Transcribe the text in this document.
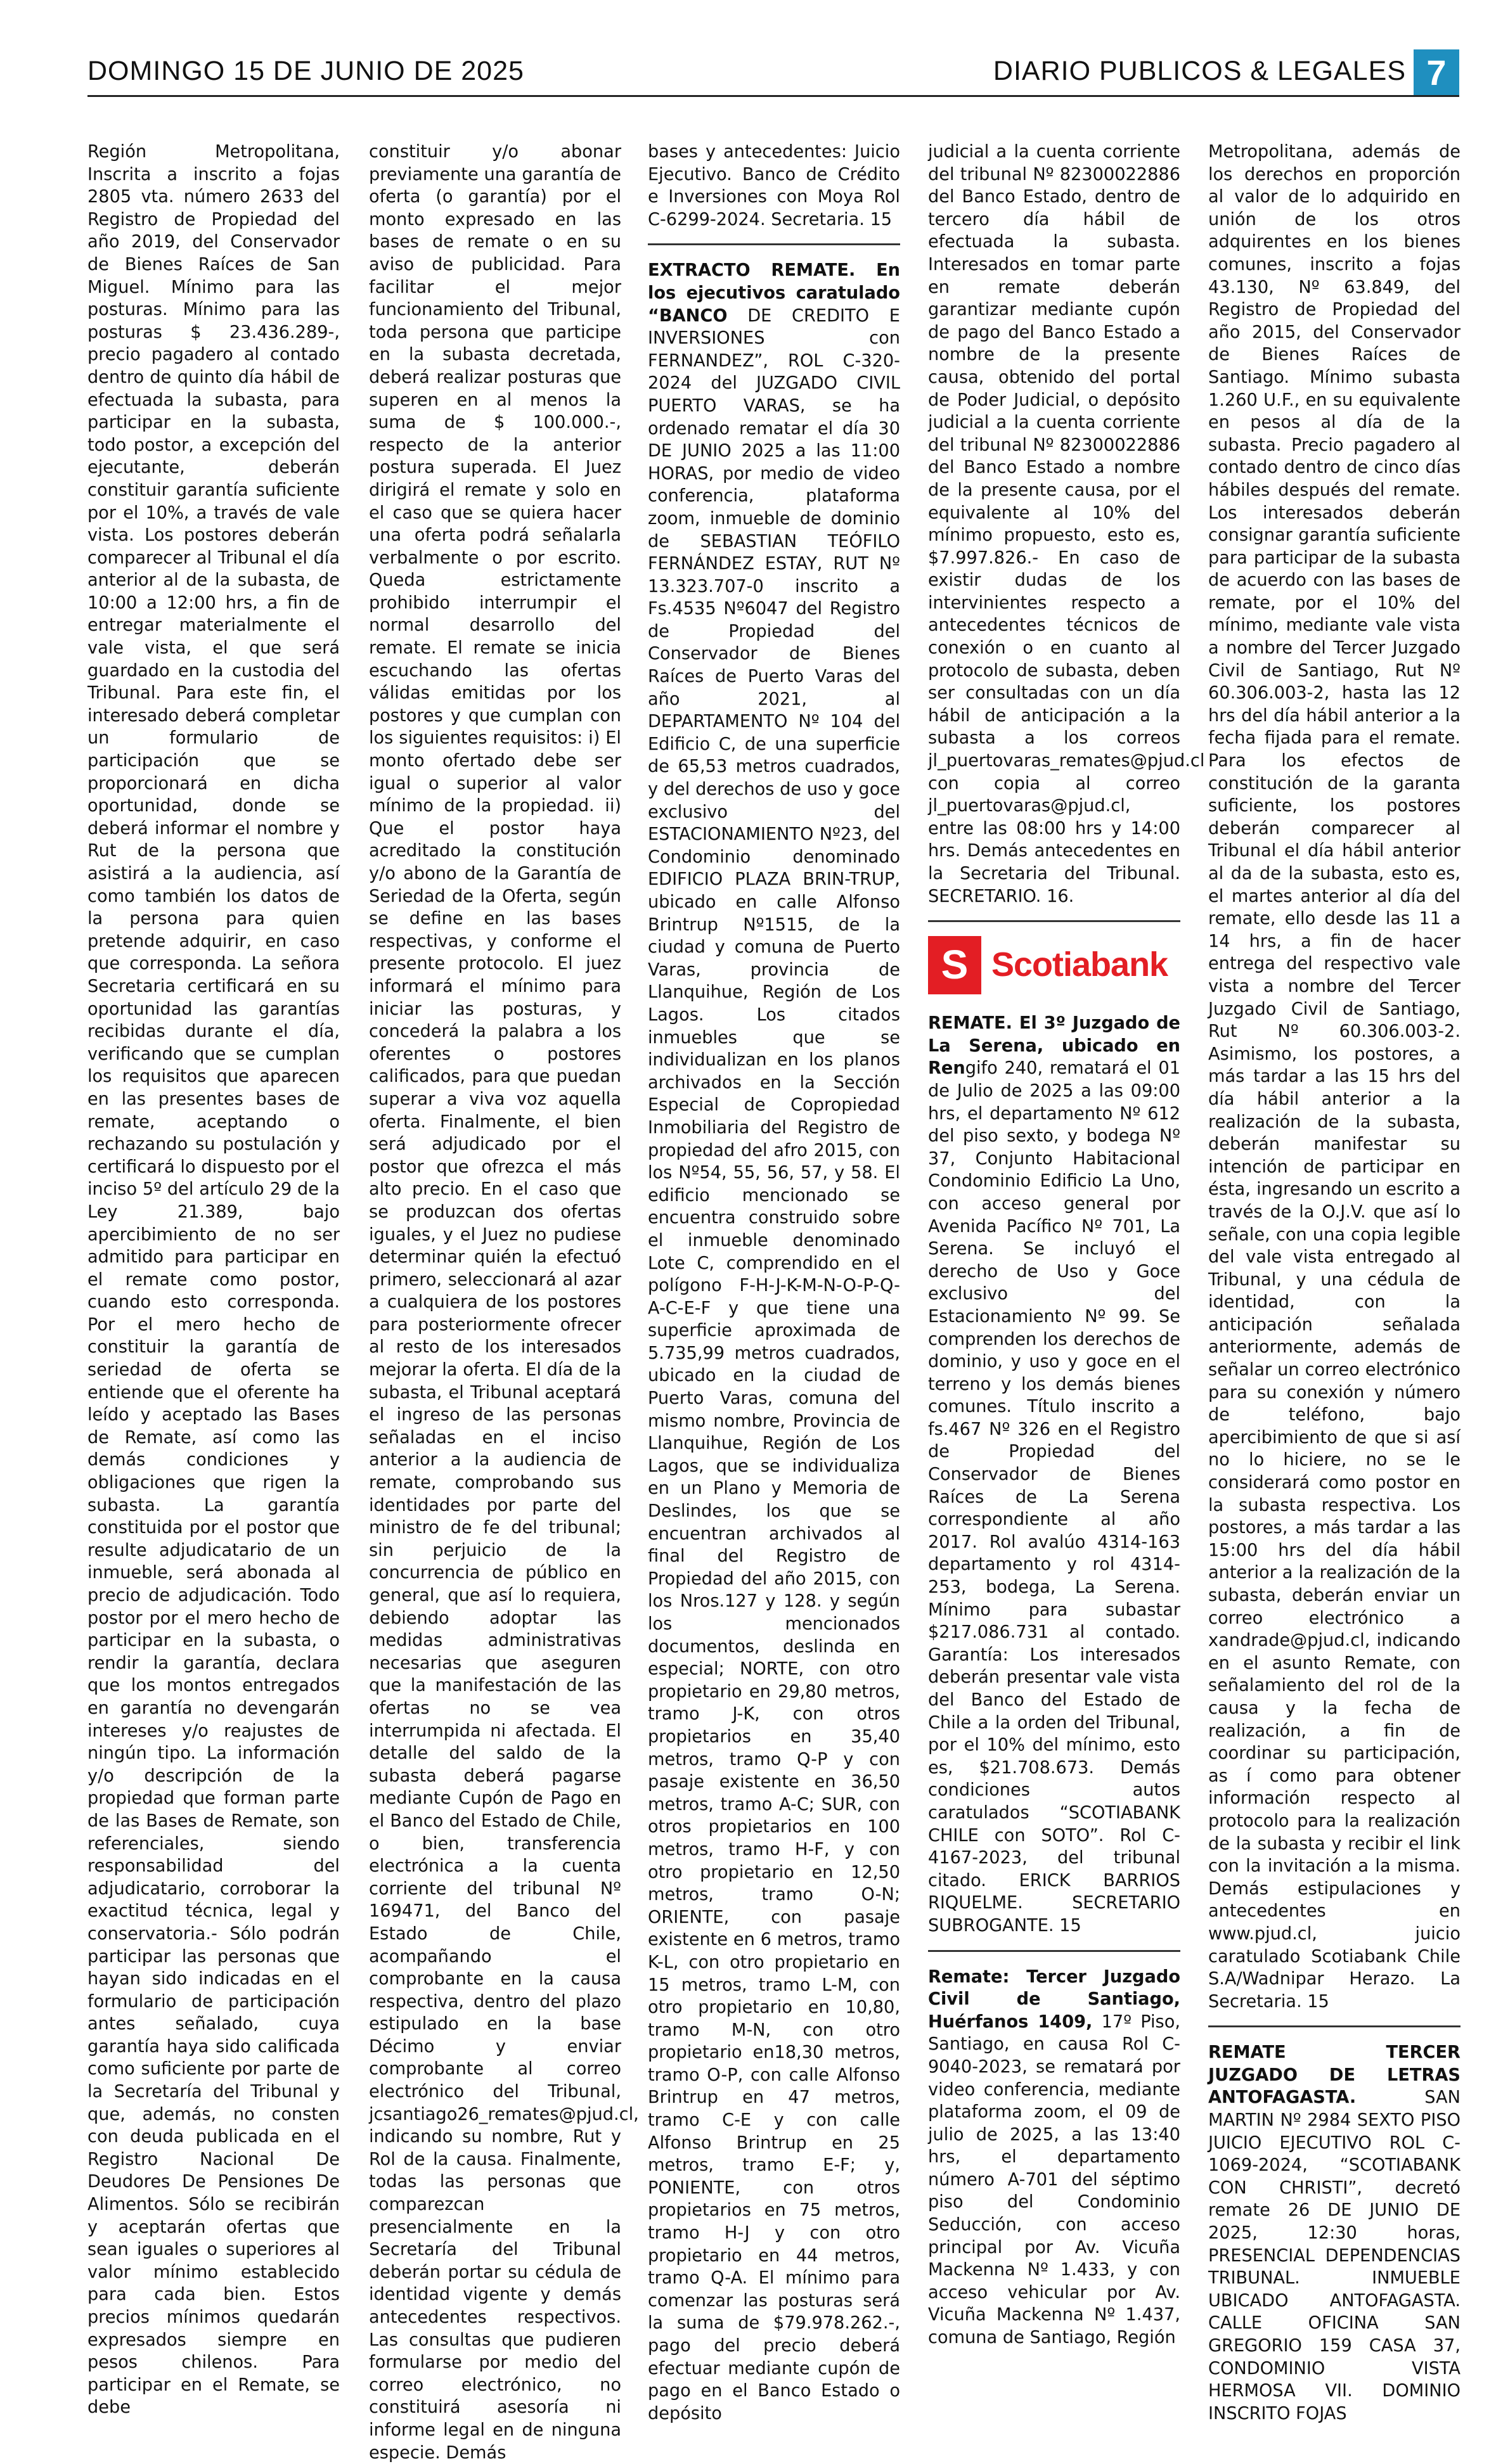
DOMINGO 15 DE JUNIO DE 2025	DIARIO PUBLICOS & LEGALES 7

Región Metropolitana, Inscrita a inscrito a fojas 2805 vta. número 2633 del Registro de Propiedad del año 2019, del Conservador de Bienes Raíces de San Miguel. Mínimo para las posturas. Mínimo para las posturas $ 23.436.289-, precio pagadero al contado dentro de quinto día hábil de efectuada la subasta, para participar en la subasta, todo postor, a excepción del ejecutante, deberán constituir garantía suficiente por el 10%, a través de vale vista. Los postores deberán comparecer al Tribunal el día anterior al de la subasta, de 10:00 a 12:00 hrs, a fin de entregar materialmente el vale vista, el que será guardado en la custodia del Tribunal. Para este fin, el interesado deberá completar un formulario de participación que se proporcionará en dicha oportunidad, donde se deberá informar el nombre y Rut de la persona que asistirá a la audiencia, así como también los datos de la persona para quien pretende adquirir, en caso que corresponda. La señora Secretaria certificará en su oportunidad las garantías recibidas durante el día, verificando que se cumplan los requisitos que aparecen en las presentes bases de remate, aceptando o rechazando su postulación y certificará lo dispuesto por el inciso 5º del artículo 29 de la Ley 21.389, bajo apercibimiento de no ser admitido para participar en el remate como postor, cuando esto corresponda. Por el mero hecho de constituir la garantía de seriedad de oferta se entiende que el oferente ha leído y aceptado las Bases de Remate, así como las demás condiciones y obligaciones que rigen la subasta. La garantía constituida por el postor que resulte adjudicatario de un inmueble, será abonada al precio de adjudicación. Todo postor por el mero hecho de participar en la subasta, o rendir la garantía, declara que los montos entregados en garantía no devengarán intereses y/o reajustes de ningún tipo. La información y/o descripción de la propiedad que forman parte de las Bases de Remate, son referenciales, siendo responsabilidad del adjudicatario, corroborar la exactitud técnica, legal y conservatoria.- Sólo podrán participar las personas que hayan sido indicadas en el formulario de participación antes señalado, cuya garantía haya sido calificada como suficiente por parte de la Secretaría del Tribunal y que, además, no consten con deuda publicada en el Registro Nacional De Deudores De Pensiones De Alimentos. Sólo se recibirán y aceptarán ofertas que sean iguales o superiores al valor mínimo establecido para cada bien. Estos precios mínimos quedarán expresados siempre en pesos chilenos. Para participar en el Remate, se debe

constituir y/o abonar previamente una garantía de oferta (o garantía) por el monto expresado en las bases de remate o en su aviso de publicidad. Para facilitar el mejor funcionamiento del Tribunal, toda persona que participe en la subasta decretada, deberá realizar posturas que superen en al menos la suma de $ 100.000.-, respecto de la anterior postura superada. El Juez dirigirá el remate y solo en el caso que se quiera hacer una oferta podrá señalarla verbalmente o por escrito. Queda estrictamente prohibido interrumpir el normal desarrollo del remate. El remate se inicia escuchando las ofertas válidas emitidas por los postores y que cumplan con los siguientes requisitos: i) El monto ofertado debe ser igual o superior al valor mínimo de la propiedad. ii) Que el postor haya acreditado la constitución y/o abono de la Garantía de Seriedad de la Oferta, según se define en las bases respectivas, y conforme el presente protocolo. El juez informará el mínimo para iniciar las posturas, y concederá la palabra a los oferentes o postores calificados, para que puedan superar a viva voz aquella oferta. Finalmente, el bien será adjudicado por el postor que ofrezca el más alto precio. En el caso que se produzcan dos ofertas iguales, y el Juez no pudiese determinar quién la efectuó primero, seleccionará al azar a cualquiera de los postores para posteriormente ofrecer al resto de los interesados mejorar la oferta. El día de la subasta, el Tribunal aceptará el ingreso de las personas señaladas en el inciso anterior a la audiencia de remate, comprobando sus identidades por parte del ministro de fe del tribunal; sin perjuicio de la concurrencia de público en general, que así lo requiera, debiendo adoptar las medidas administrativas necesarias que aseguren que la manifestación de las ofertas no se vea interrumpida ni afectada. El detalle del saldo de la subasta deberá pagarse mediante Cupón de Pago en el Banco del Estado de Chile, o bien, transferencia electrónica a la cuenta corriente del tribunal Nº 169471, del Banco del Estado de Chile, acompañando el comprobante en la causa respectiva, dentro del plazo estipulado en la base Décimo y enviar comprobante al correo electrónico del Tribunal, jcsantiago26_remates@pjud.cl, indicando su nombre, Rut y Rol de la causa. Finalmente, todas las personas que comparezcan presencialmente en la Secretaría del Tribunal deberán portar su cédula de identidad vigente y demás antecedentes respectivos. Las consultas que pudieren formularse por medio del correo electrónico, no constituirá asesoría ni informe legal en de ninguna especie. Demás

bases y antecedentes: Juicio Ejecutivo. Banco de Crédito e Inversiones con Moya Rol C-6299-2024. Secretaria. 15

EXTRACTO REMATE. En los ejecutivos caratulado “BANCO DE CREDITO E INVERSIONES con FERNANDEZ”, ROL C-320-2024 del JUZGADO CIVIL PUERTO VARAS, se ha ordenado rematar el día 30 DE JUNIO 2025 a las 11:00 HORAS, por medio de video conferencia, plataforma zoom, inmueble de dominio de SEBASTIAN TEÓFILO FERNÁNDEZ ESTAY, RUT Nº 13.323.707-0 inscrito a Fs.4535 Nº6047 del Registro de Propiedad del Conservador de Bienes Raíces de Puerto Varas del año 2021, al DEPARTAMENTO Nº 104 del Edificio C, de una superficie de 65,53 metros cuadrados, y del derechos de uso y goce exclusivo del ESTACIONAMIENTO Nº23, del Condominio denominado EDIFICIO PLAZA BRIN-TRUP, ubicado en calle Alfonso Brintrup Nº1515, de la ciudad y comuna de Puerto Varas, provincia de Llanquihue, Región de Los Lagos. Los citados inmuebles que se individualizan en los planos archivados en la Sección Especial de Copropiedad Inmobiliaria del Registro de propiedad del afro 2015, con los Nº54, 55, 56, 57, y 58. El edificio mencionado se encuentra construido sobre el inmueble denominado Lote C, comprendido en el polígono F-H-J-K-M-N-O-P-Q-A-C-E-F y que tiene una superficie aproximada de 5.735,99 metros cuadrados, ubicado en la ciudad de Puerto Varas, comuna del mismo nombre, Provincia de Llanquihue, Región de Los Lagos, que se individualiza en un Plano y Memoria de Deslindes, los que se encuentran archivados al final del Registro de Propiedad del año 2015, con los Nros.127 y 128. y según los mencionados documentos, deslinda en especial; NORTE, con otro propietario en 29,80 metros, tramo J-K, con otros propietarios en 35,40 metros, tramo Q-P y con pasaje existente en 36,50 metros, tramo A-C; SUR, con otros propietarios en 100 metros, tramo H-F, y con otro propietario en 12,50 metros, tramo O-N; ORIENTE, con pasaje existente en 6 metros, tramo K-L, con otro propietario en 15 metros, tramo L-M, con otro propietario en 10,80, tramo M-N, con otro propietario en18,30 metros, tramo O-P, con calle Alfonso Brintrup en 47 metros, tramo C-E y con calle Alfonso Brintrup en 25 metros, tramo E-F; y, PONIENTE, con otros propietarios en 75 metros, tramo H-J y con otro propietario en 44 metros, tramo Q-A. El mínimo para comenzar las posturas será la suma de $79.978.262.-, pago del precio deberá efectuar mediante cupón de pago en el Banco Estado o depósito

judicial a la cuenta corriente del tribunal Nº 82300022886 del Banco Estado, dentro de tercero día hábil de efectuada la subasta. Interesados en tomar parte en remate deberán garantizar mediante cupón de pago del Banco Estado a nombre de la presente causa, obtenido del portal de Poder Judicial, o depósito judicial a la cuenta corriente del tribunal Nº 82300022886 del Banco Estado a nombre de la presente causa, por el equivalente al 10% del mínimo propuesto, esto es, $7.997.826.- En caso de existir dudas de los intervinientes respecto a antecedentes técnicos de conexión o en cuanto al protocolo de subasta, deben ser consultadas con un día hábil de anticipación a la subasta a los correos jl_puertovaras_remates@pjud.cl con copia al correo jl_puertovaras@pjud.cl, entre las 08:00 hrs y 14:00 hrs. Demás antecedentes en la Secretaria del Tribunal. SECRETARIO. 16.

S Scotiabank

REMATE. El 3º Juzgado de La Serena, ubicado en Rengifo 240, rematará el 01 de Julio de 2025 a las 09:00 hrs, el departamento Nº 612 del piso sexto, y bodega Nº 37, Conjunto Habitacional Condominio Edificio La Uno, con acceso general por Avenida Pacífico Nº 701, La Serena. Se incluyó el derecho de Uso y Goce exclusivo del Estacionamiento Nº 99. Se comprenden los derechos de dominio, y uso y goce en el terreno y los demás bienes comunes. Título inscrito a fs.467 Nº 326 en el Registro de Propiedad del Conservador de Bienes Raíces de La Serena correspondiente al año 2017. Rol avalúo 4314-163 departamento y rol 4314-253, bodega, La Serena. Mínimo para subastar $217.086.731 al contado. Garantía: Los interesados deberán presentar vale vista del Banco del Estado de Chile a la orden del Tribunal, por el 10% del mínimo, esto es, $21.708.673. Demás condiciones autos caratulados “SCOTIABANK CHILE con SOTO”. Rol C-4167-2023, del tribunal citado. ERICK BARRIOS RIQUELME. SECRETARIO SUBROGANTE. 15

Remate: Tercer Juzgado Civil de Santiago, Huérfanos 1409, 17º Piso, Santiago, en causa Rol C-9040-2023, se rematará por video conferencia, mediante plataforma zoom, el 09 de julio de 2025, a las 13:40 hrs, el departamento número A-701 del séptimo piso del Condominio Seducción, con acceso principal por Av. Vicuña Mackenna Nº 1.433, y con acceso vehicular por Av. Vicuña Mackenna Nº 1.437, comuna de Santiago, Región

Metropolitana, además de los derechos en proporción al valor de lo adquirido en unión de los otros adquirentes en los bienes comunes, inscrito a fojas 43.130, Nº 63.849, del Registro de Propiedad del año 2015, del Conservador de Bienes Raíces de Santiago. Mínimo subasta 1.260 U.F., en su equivalente en pesos al día de la subasta. Precio pagadero al contado dentro de cinco días hábiles después del remate. Los interesados deberán consignar garantía suficiente para participar de la subasta de acuerdo con las bases de remate, por el 10% del mínimo, mediante vale vista a nombre del Tercer Juzgado Civil de Santiago, Rut Nº 60.306.003-2, hasta las 12 hrs del día hábil anterior a la fecha fijada para el remate. Para los efectos de constitución de la garanta suficiente, los postores deberán comparecer al Tribunal el día hábil anterior al da de la subasta, esto es, el martes anterior al día del remate, ello desde las 11 a 14 hrs, a fin de hacer entrega del respectivo vale vista a nombre del Tercer Juzgado Civil de Santiago, Rut Nº 60.306.003-2. Asimismo, los postores, a más tardar a las 15 hrs del día hábil anterior a la realización de la subasta, deberán manifestar su intención de participar en ésta, ingresando un escrito a través de la O.J.V. que así lo señale, con una copia legible del vale vista entregado al Tribunal, y una cédula de identidad, con la anticipación señalada anteriormente, además de señalar un correo electrónico para su conexión y número de teléfono, bajo apercibimiento de que si así no lo hiciere, no se le considerará como postor en la subasta respectiva. Los postores, a más tardar a las 15:00 hrs del día hábil anterior a la realización de la subasta, deberán enviar un correo electrónico a xandrade@pjud.cl, indicando en el asunto Remate, con señalamiento del rol de la causa y la fecha de realización, a fin de coordinar su participación, as í como para obtener información respecto al protocolo para la realización de la subasta y recibir el link con la invitación a la misma. Demás estipulaciones y antecedentes en www.pjud.cl, juicio caratulado Scotiabank Chile S.A/Wadnipar Herazo. La Secretaria. 15

REMATE TERCER JUZGADO DE LETRAS ANTOFAGASTA.	SAN MARTIN Nº 2984 SEXTO PISO JUICIO EJECUTIVO ROL C-1069-2024, “SCOTIABANK CON CHRISTI”, decretó remate 26 DE JUNIO DE 2025, 12:30 horas, PRESENCIAL DEPENDENCIAS TRIBUNAL. INMUEBLE UBICADO ANTOFAGASTA. CALLE OFICINA SAN GREGORIO 159 CASA 37, CONDOMINIO VISTA HERMOSA VII. DOMINIO INSCRITO FOJAS
